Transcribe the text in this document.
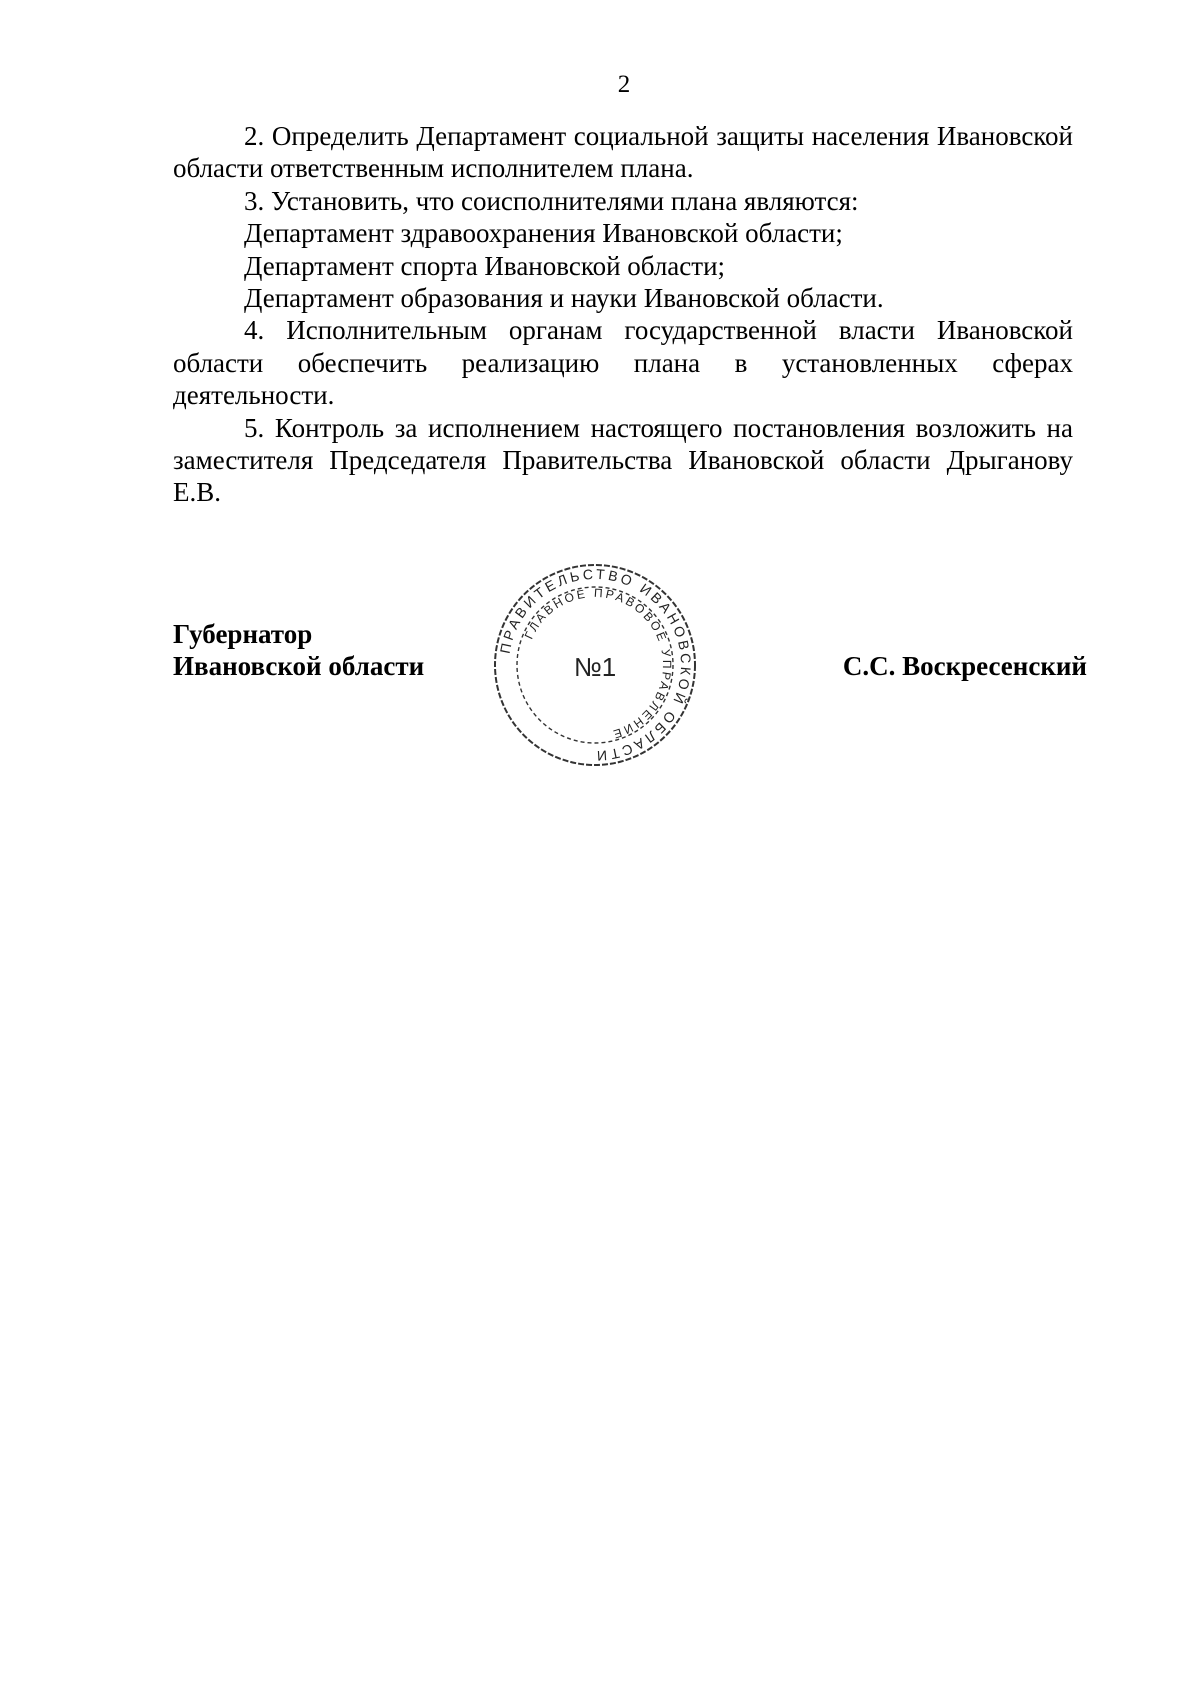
2

2. Определить Департамент социальной защиты населения Ивановской области ответственным исполнителем плана.

3. Установить, что соисполнителями плана являются:

Департамент здравоохранения Ивановской области;

Департамент спорта Ивановской области;

Департамент образования и науки Ивановской области.

4. Исполнительным органам государственной власти Ивановской области обеспечить реализацию плана в установленных сферах деятельности.

5. Контроль за исполнением настоящего постановления возложить на заместителя Председателя Правительства Ивановской области Дрыганову Е.В.

Губернатор
Ивановской области	С.С. Воскресенский
ПРАВИТЕЛЬСТВО ИВАНОВСКОЙ ОБЛАСТИ
ГЛАВНОЕ ПРАВОВОЕ УПРАВЛЕНИЕ
№1
